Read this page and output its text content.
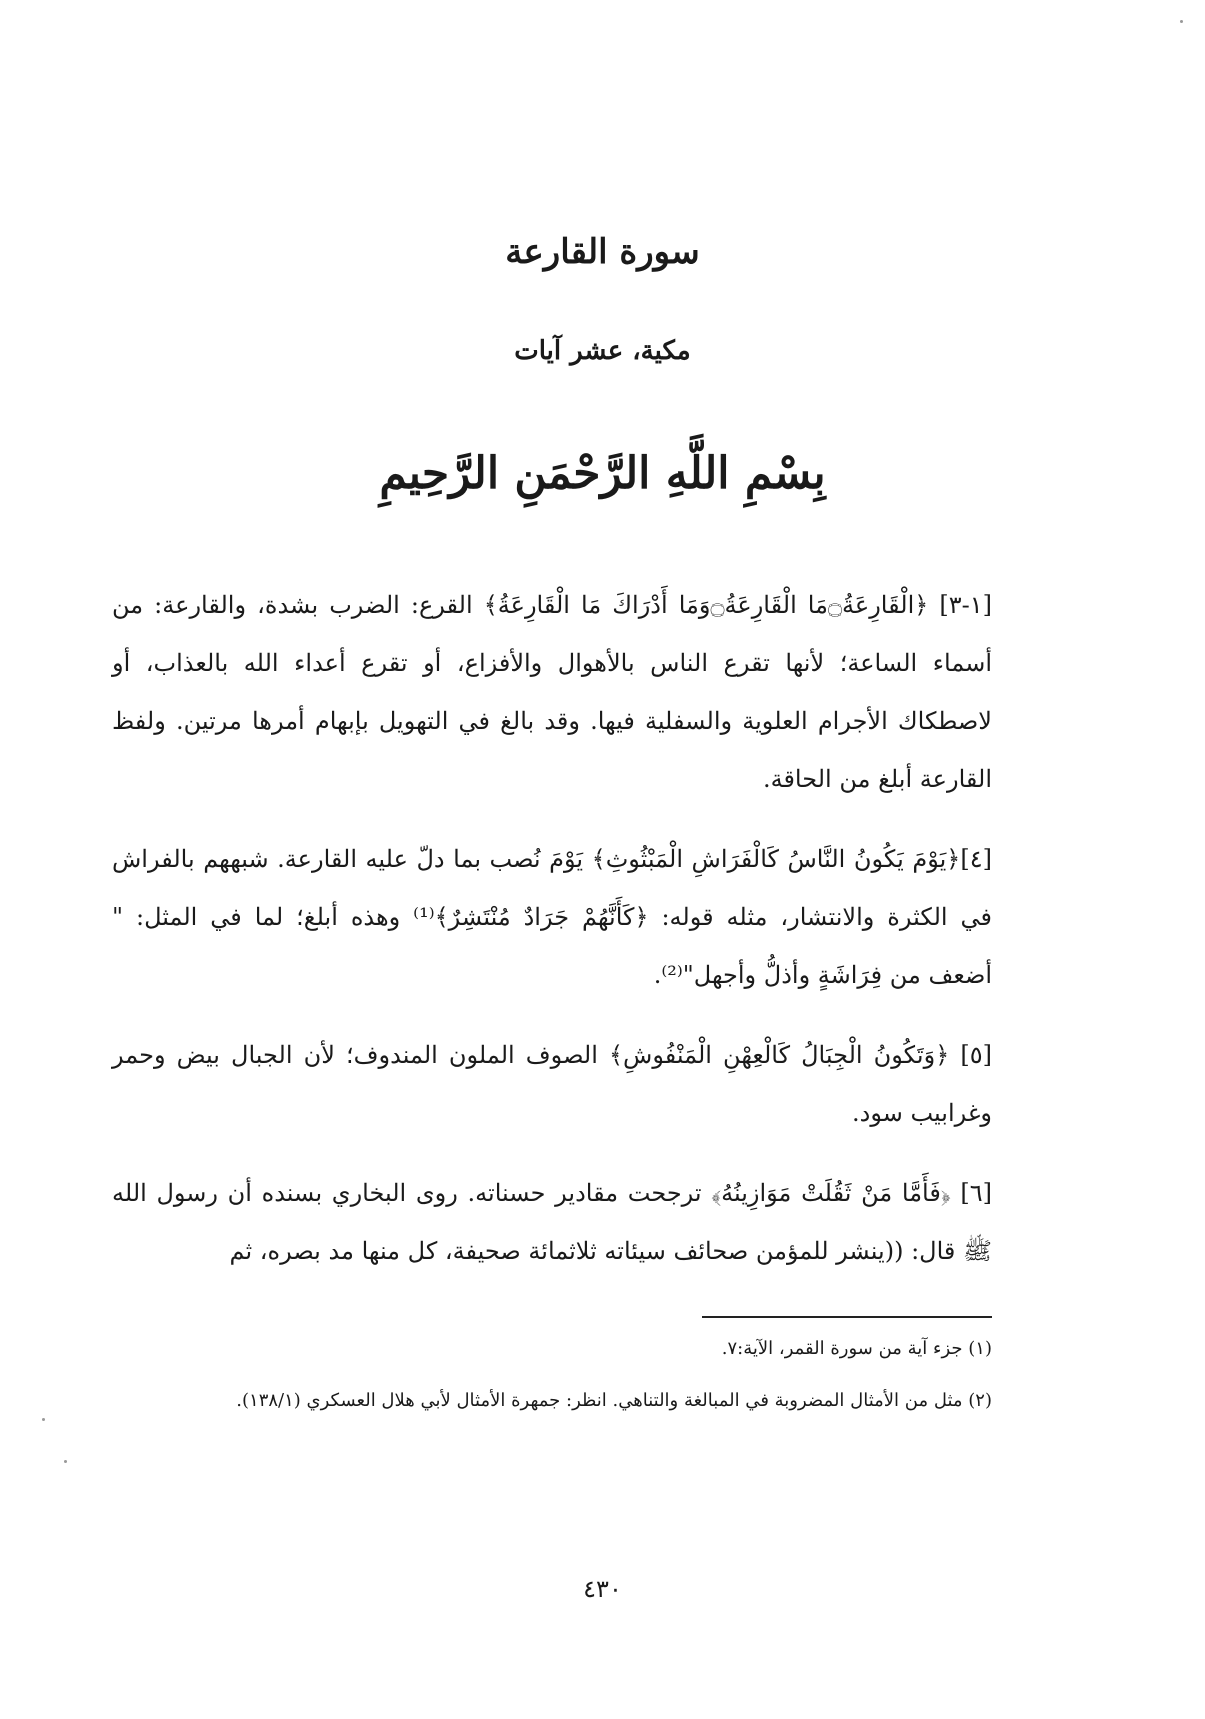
سورة القارعة
مكية، عشر آيات
بِسْمِ اللَّهِ الرَّحْمَنِ الرَّحِيمِ

[١-٣] ﴿الْقَارِعَةُ۝مَا الْقَارِعَةُ۝وَمَا أَدْرَاكَ مَا الْقَارِعَةُ﴾ القرع: الضرب بشدة، والقارعة: من أسماء الساعة؛ لأنها تقرع الناس بالأهوال والأفزاع، أو تقرع أعداء الله بالعذاب، أو لاصطكاك الأجرام العلوية والسفلية فيها. وقد بالغ في التهويل بإبهام أمرها مرتين. ولفظ القارعة أبلغ من الحاقة.

[٤]﴿يَوْمَ يَكُونُ النَّاسُ كَالْفَرَاشِ الْمَبْثُوثِ﴾ يَوْمَ نُصب بما دلّ عليه القارعة. شبههم بالفراش في الكثرة والانتشار، مثله قوله: ﴿كَأَنَّهُمْ جَرَادٌ مُنْتَشِرٌ﴾⁽¹⁾ وهذه أبلغ؛ لما في المثل: " أضعف من فِرَاشَةٍ وأذلُّ وأجهل"⁽²⁾.

[٥] ﴿وَتَكُونُ الْجِبَالُ كَالْعِهْنِ الْمَنْفُوشِ﴾ الصوف الملون المندوف؛ لأن الجبال بيض وحمر وغرابيب سود.

[٦] ﴿فَأَمَّا مَنْ ثَقُلَتْ مَوَازِينُهُ﴾ ترجحت مقادير حسناته. روى البخاري بسنده أن رسول الله ﷺ قال: ((ينشر للمؤمن صحائف سيئاته ثلاثمائة صحيفة، كل منها مد بصره، ثم

(١) جزء آية من سورة القمر، الآية:٧.

(٢) مثل من الأمثال المضروبة في المبالغة والتناهي. انظر: جمهرة الأمثال لأبي هلال العسكري (١٣٨/١).

٤٣٠
